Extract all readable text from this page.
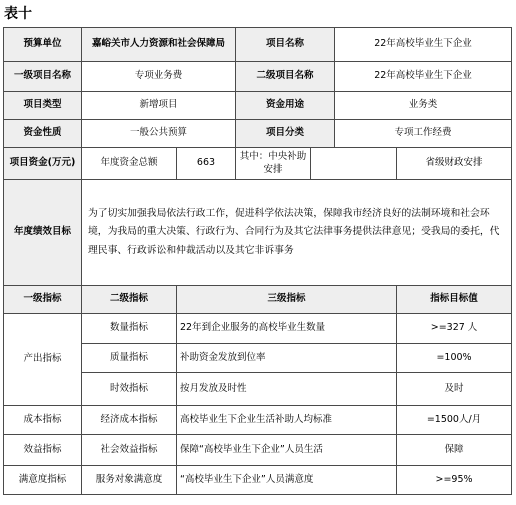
表十
预算单位	嘉峪关市人力资源和社会保障局		项目名称		22年高校毕业生下企业	
一级项目名称	专项业务费		二级项目名称		22年高校毕业生下企业	
项目类型	新增项目		资金用途		业务类	
资金性质	一般公共预算		项目分类		专项工作经费	
项目资金(万元)	年度资金总额	663	其中：中央补助安排			省级财政安排
年度绩效目标	为了切实加强我局依法行政工作，促进科学依法决策，保障我市经济良好的法制环境和社会环境，为我局的重大决策、行政行为、合同行为及其它法律事务提供法律意见；受我局的委托，代理民事、行政诉讼和仲裁活动以及其它非诉事务					
一级指标	二级指标	三级指标				指标目标值
产出指标	数量指标	22年到企业服务的高校毕业生数量				>=327 人
	质量指标	补助资金发放到位率				=100%
	时效指标	按月发放及时性				及时
成本指标	经济成本指标	高校毕业生下企业生活补助人均标准				=1500人/月
效益指标	社会效益指标	保障“高校毕业生下企业”人员生活				保障
满意度指标	服务对象满意度	“高校毕业生下企业”人员满意度				>=95%
